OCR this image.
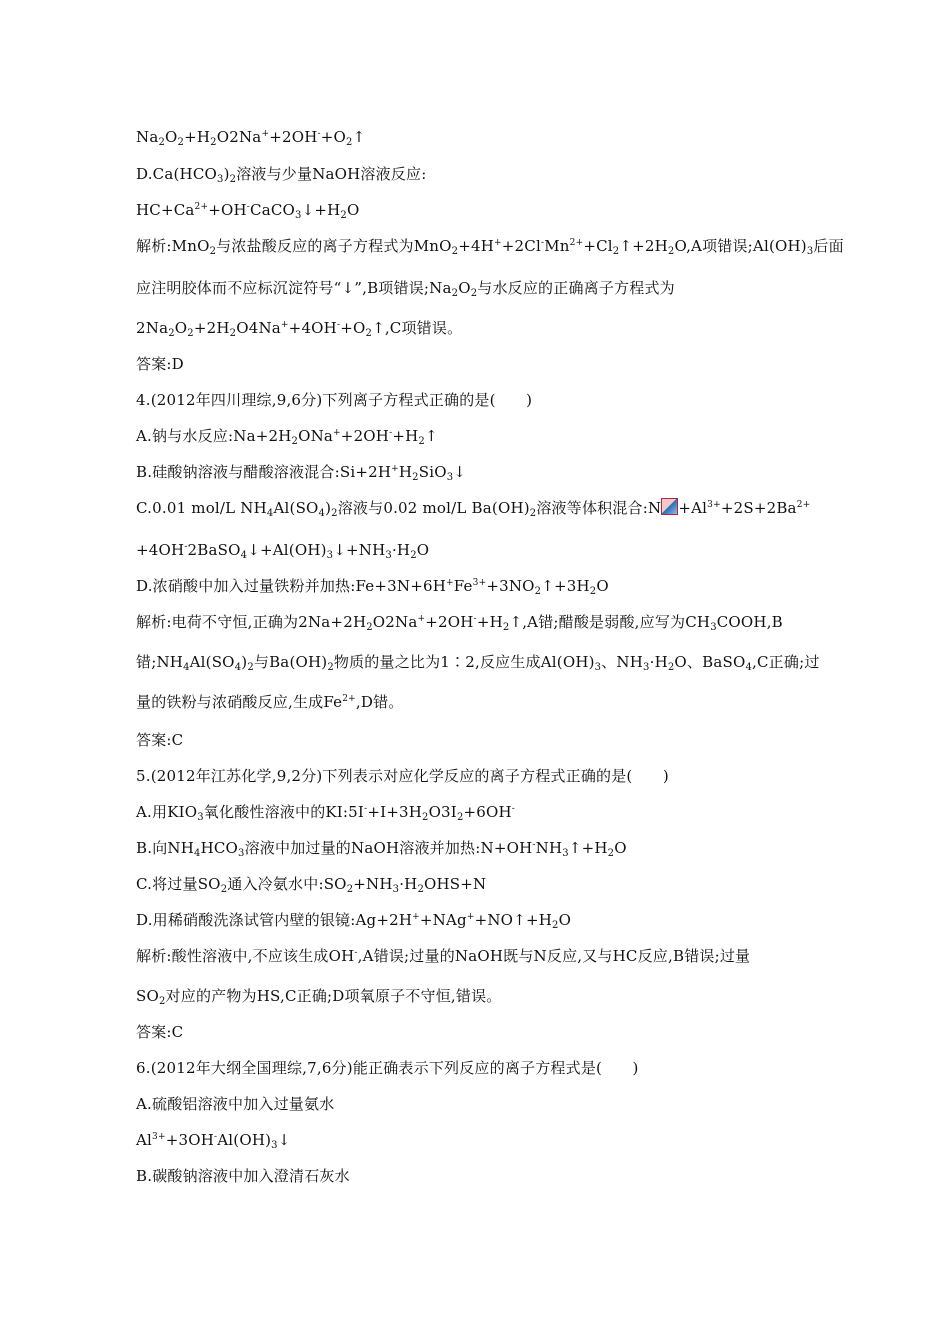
$Na_2O_2+H_2O2Na^++2OH^-+O_2↑$
$D.Ca(HCO_3)_2$溶液与少量NaOH溶液反应:
$HC+Ca^{2+}+OH^-CaCO_3↓+H_2O$
解析:MnO$_2$与浓盐酸反应的离子方程式为$MnO_2+4H^++2Cl^-Mn^{2+}+Cl_2↑+2H_2O,A$项错误$;Al(OH)_3$后面
应注明胶体而不应标沉淀符号“↓”,B项错误$;Na_2O_2$与水反应的正确离子方程式为
$2Na_2O_2+2H_2O4Na^++4OH^-+O_2↑,C$项错误。
答案:D
4.(2012年四川理综,9,6分)下列离子方程式正确的是(　　)
A.钠与水反应$:Na+2H_2ONa^++2OH^-+H_2↑$
B.硅酸钠溶液与醋酸溶液混合$:Si+2H^+H_2SiO_3↓$
C.0.01 mol/L $NH_4Al(SO_4)_2$溶液与0.02 mol/L $Ba(OH)_2$溶液等体积混合:N $+Al^{3+}+2S+2Ba^{2+}$
$+4OH^-2BaSO_4↓+Al(OH)_3↓+NH_3\cdot H_2O$
D.浓硝酸中加入过量铁粉并加热$:Fe+3N+6H^+Fe^{3+}+3NO_2↑+3H_2O$
解析:电荷不守恒,正确为$2Na+2H_2O2Na^++2OH^-+H_2↑,A$错;醋酸是弱酸,应写为$CH_3COOH,B$
错$;NH_4Al(SO_4)_2$与$Ba(OH)_2$物质的量之比为1∶2,反应生成$Al(OH)_3$、$NH_3\cdot H_2O$、BaSO$_4$,C正确;过
量的铁粉与浓硝酸反应,生成$Fe^{2+},D$错。
答案:C
5.(2012年江苏化学,9,2分)下列表示对应化学反应的离子方程式正确的是(　　)
A.用$KIO_3$氧化酸性溶液中的$KI:5I^-+I+3H_2O3I_2+6OH^-$
B.向$NH_4HCO_3$溶液中加过量的NaOH溶液并加热$:N+OH^-NH_3↑+H_2O$
C.将过量$SO_2$通入冷氨水中$:SO_2+NH_3\cdot H_2OHS+N$
D.用稀硝酸洗涤试管内壁的银镜$:Ag+2H^++NAg^++NO↑+H_2O$
解析:酸性溶液中,不应该生成OH-,A错误;过量的NaOH既与N反应,又与HC反应,B错误;过量
$SO_2$对应的产物为HS,C正确;D项氧原子不守恒,错误。
答案:C
6.(2012年大纲全国理综,7,6分)能正确表示下列反应的离子方程式是(　　)
A.硫酸铝溶液中加入过量氨水
$Al^{3+}+3OH^-Al(OH)_3↓$
B.碳酸钠溶液中加入澄清石灰水
